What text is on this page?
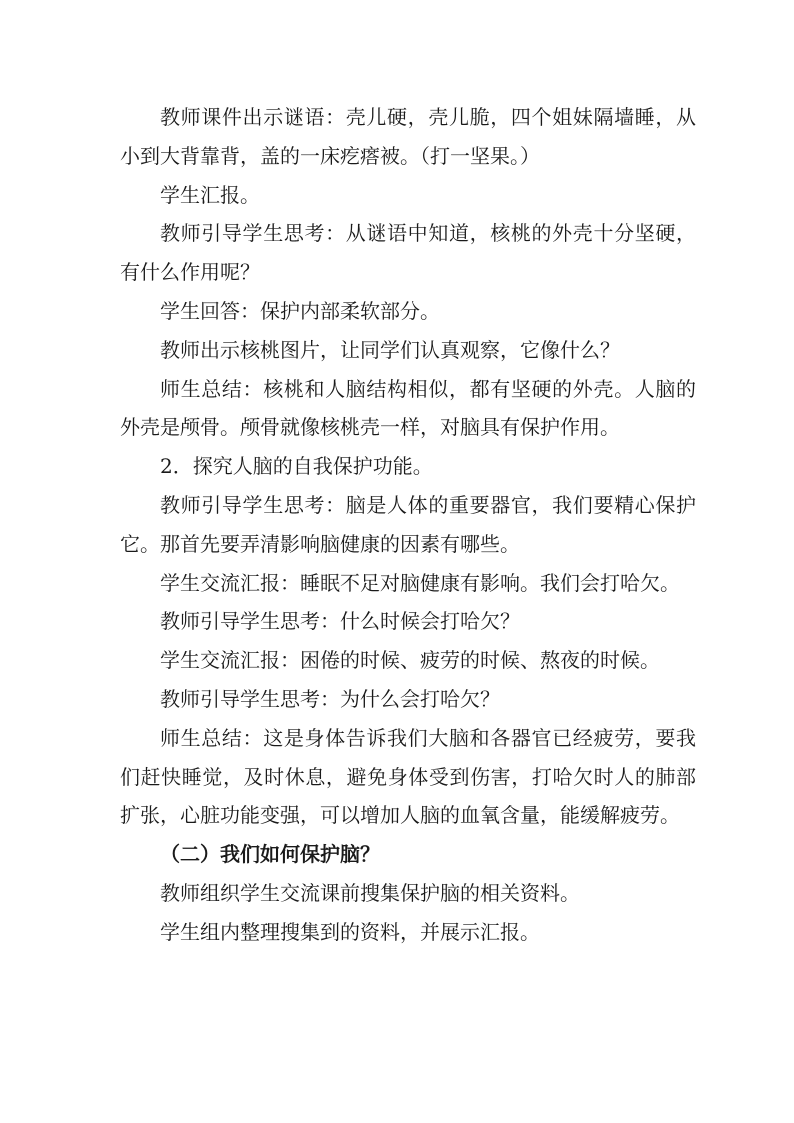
教师课件出示谜语：壳儿硬，壳儿脆，四个姐妹隔墙睡，从小到大背靠背，盖的一床疙瘩被。（打一坚果。）

学生汇报。

教师引导学生思考：从谜语中知道，核桃的外壳十分坚硬，有什么作用呢？

学生回答：保护内部柔软部分。

教师出示核桃图片，让同学们认真观察，它像什么？

师生总结：核桃和人脑结构相似，都有坚硬的外壳。人脑的外壳是颅骨。颅骨就像核桃壳一样，对脑具有保护作用。

2．探究人脑的自我保护功能。

教师引导学生思考：脑是人体的重要器官，我们要精心保护它。那首先要弄清影响脑健康的因素有哪些。

学生交流汇报：睡眠不足对脑健康有影响。我们会打哈欠。

教师引导学生思考：什么时候会打哈欠？

学生交流汇报：困倦的时候、疲劳的时候、熬夜的时候。

教师引导学生思考：为什么会打哈欠？

师生总结：这是身体告诉我们大脑和各器官已经疲劳，要我们赶快睡觉，及时休息，避免身体受到伤害，打哈欠时人的肺部扩张，心脏功能变强，可以增加人脑的血氧含量，能缓解疲劳。

（二）我们如何保护脑？

教师组织学生交流课前搜集保护脑的相关资料。

学生组内整理搜集到的资料，并展示汇报。
